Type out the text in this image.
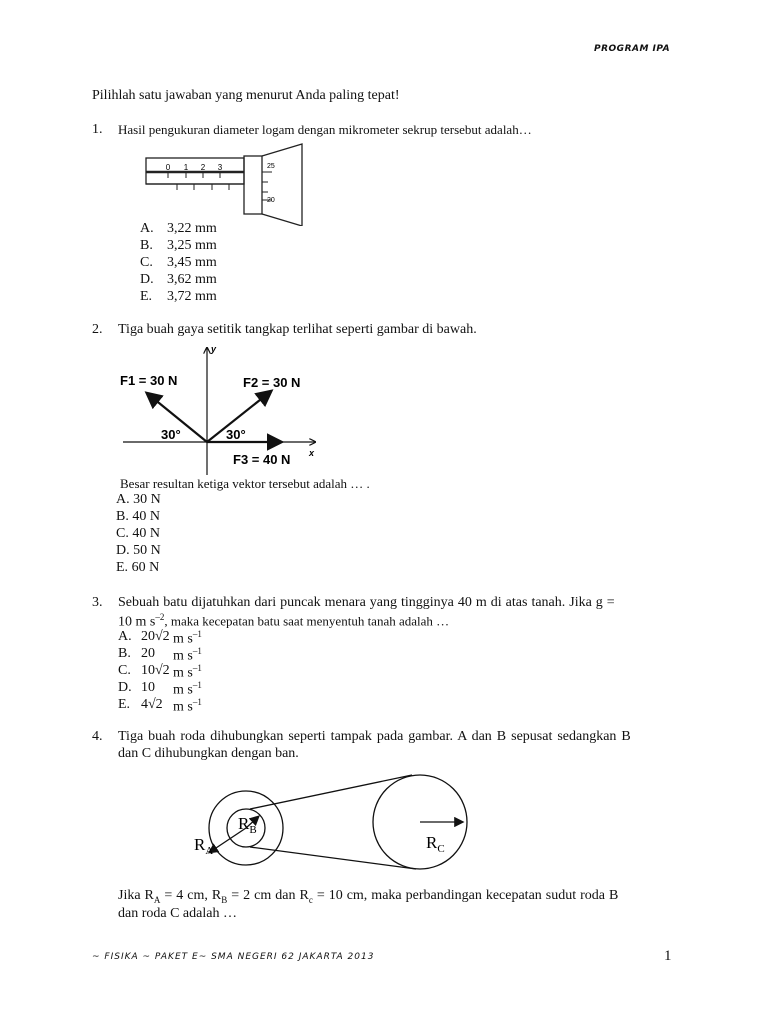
PROGRAM IPA
Pilihlah satu jawaban yang menurut Anda paling tepat!
1. Hasil pengukuran diameter logam dengan mikrometer sekrup tersebut adalah…
0 1 2 3	25
20
A. 3,22 mm
B. 3,25 mm
C. 3,45 mm
D. 3,62 mm
E. 3,72 mm
2. Tiga buah gaya setitik tangkap terlihat seperti gambar di bawah.
y
x
F1 = 30 N	F2 = 30 N
F3 = 40 N
30°	30°
Besar resultan ketiga vektor tersebut adalah … .
A. 30 N
B. 40 N
C. 40 N
D. 50 N
E. 60 N
3. Sebuah batu dijatuhkan dari puncak menara yang tingginya 40 m di atas tanah. Jika g =
10 m $s^{-2}$, maka kecepatan batu saat menyentuh tanah adalah …
A. 20√2 m $s^{-1}$
B. 20 m $s^{-1}$
C. 10√2 m $s^{-1}$
D. 10 m $s^{-1}$
E. 4√2 m $s^{-1}$
4. Tiga buah roda dihubungkan seperti tampak pada gambar. A dan B sepusat sedangkan B
dan C dihubungkan dengan ban.
$R_A$
$R_B$
$R_C$
Jika $R_A = 4$ cm, $R_B = 2$ cm dan $R_c = 10$ cm, maka perbandingan kecepatan sudut roda B
dan roda C adalah …
~ FISIKA ~ PAKET E~ SMA NEGERI 62 JAKARTA 2013	1
